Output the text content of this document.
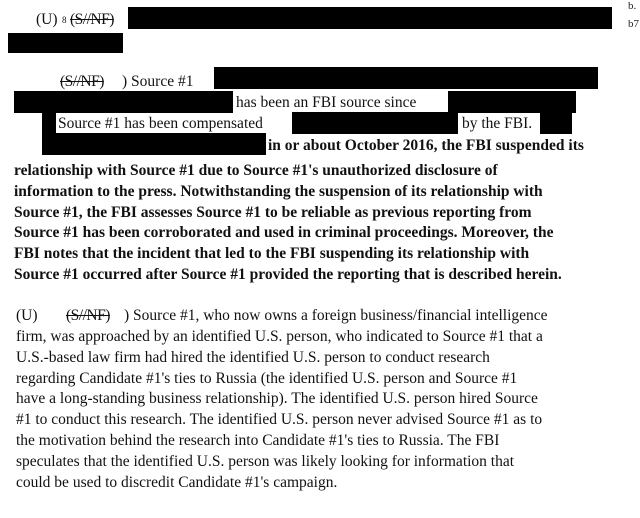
b.
b7
(U) 8 (S//NF)
(S//NF) ) Source #1
has been an FBI source since
Source #1 has been compensated	by the FBI.
in or about October 2016, the FBI suspended its
relationship with Source #1 due to Source #1's unauthorized disclosure of
information to the press. Notwithstanding the suspension of its relationship with
Source #1, the FBI assesses Source #1 to be reliable as previous reporting from
Source #1 has been corroborated and used in criminal proceedings. Moreover, the
FBI notes that the incident that led to the FBI suspending its relationship with
Source #1 occurred after Source #1 provided the reporting that is described herein.
(U) (S//NF) ) Source #1, who now owns a foreign business/financial intelligence
firm, was approached by an identified U.S. person, who indicated to Source #1 that a
U.S.-based law firm had hired the identified U.S. person to conduct research
regarding Candidate #1's ties to Russia (the identified U.S. person and Source #1
have a long-standing business relationship). The identified U.S. person hired Source
#1 to conduct this research. The identified U.S. person never advised Source #1 as to
the motivation behind the research into Candidate #1's ties to Russia. The FBI
speculates that the identified U.S. person was likely looking for information that
could be used to discredit Candidate #1's campaign.
